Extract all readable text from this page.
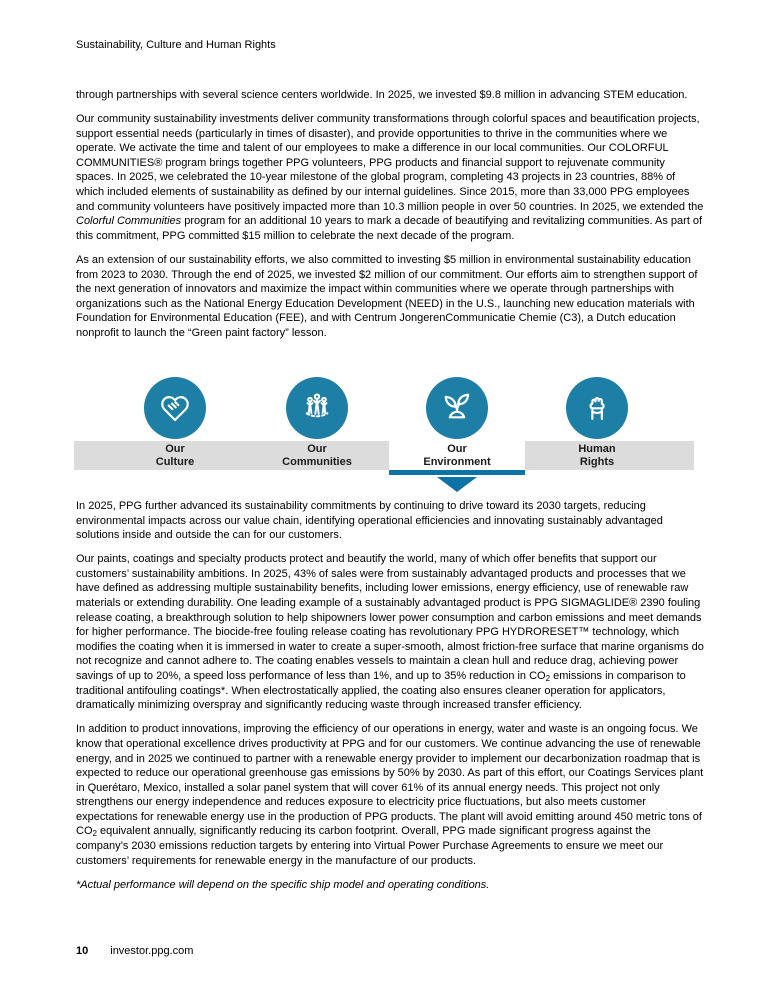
Sustainability, Culture and Human Rights

through partnerships with several science centers worldwide. In 2025, we invested $9.8 million in advancing STEM education.

Our community sustainability investments deliver community transformations through colorful spaces and beautification projects, support essential needs (particularly in times of disaster), and provide opportunities to thrive in the communities where we operate. We activate the time and talent of our employees to make a difference in our local communities. Our COLORFUL COMMUNITIES® program brings together PPG volunteers, PPG products and financial support to rejuvenate community spaces. In 2025, we celebrated the 10-year milestone of the global program, completing 43 projects in 23 countries, 88% of which included elements of sustainability as defined by our internal guidelines. Since 2015, more than 33,000 PPG employees and community volunteers have positively impacted more than 10.3 million people in over 50 countries. In 2025, we extended the Colorful Communities program for an additional 10 years to mark a decade of beautifying and revitalizing communities. As part of this commitment, PPG committed $15 million to celebrate the next decade of the program.

As an extension of our sustainability efforts, we also committed to investing $5 million in environmental sustainability education from 2023 to 2030. Through the end of 2025, we invested $2 million of our commitment. Our efforts aim to strengthen support of the next generation of innovators and maximize the impact within communities where we operate through partnerships with organizations such as the National Energy Education Development (NEED) in the U.S., launching new education materials with Foundation for Environmental Education (FEE), and with Centrum JongerenCommunicatie Chemie (C3), a Dutch education nonprofit to launch the “Green paint factory” lesson.

Our
Culture
Our
Communities
Our
Environment
Human
Rights

In 2025, PPG further advanced its sustainability commitments by continuing to drive toward its 2030 targets, reducing environmental impacts across our value chain, identifying operational efficiencies and innovating sustainably advantaged solutions inside and outside the can for our customers.

Our paints, coatings and specialty products protect and beautify the world, many of which offer benefits that support our customers’ sustainability ambitions. In 2025, 43% of sales were from sustainably advantaged products and processes that we have defined as addressing multiple sustainability benefits, including lower emissions, energy efficiency, use of renewable raw materials or extending durability. One leading example of a sustainably advantaged product is PPG SIGMAGLIDE® 2390 fouling release coating, a breakthrough solution to help shipowners lower power consumption and carbon emissions and meet demands for higher performance. The biocide-free fouling release coating has revolutionary PPG HYDRORESET™ technology, which modifies the coating when it is immersed in water to create a super-smooth, almost friction-free surface that marine organisms do not recognize and cannot adhere to. The coating enables vessels to maintain a clean hull and reduce drag, achieving power savings of up to 20%, a speed loss performance of less than 1%, and up to 35% reduction in $CO_2$ emissions in comparison to traditional antifouling coatings*. When electrostatically applied, the coating also ensures cleaner operation for applicators, dramatically minimizing overspray and significantly reducing waste through increased transfer efficiency.

In addition to product innovations, improving the efficiency of our operations in energy, water and waste is an ongoing focus. We know that operational excellence drives productivity at PPG and for our customers. We continue advancing the use of renewable energy, and in 2025 we continued to partner with a renewable energy provider to implement our decarbonization roadmap that is expected to reduce our operational greenhouse gas emissions by 50% by 2030. As part of this effort, our Coatings Services plant in Querétaro, Mexico, installed a solar panel system that will cover 61% of its annual energy needs. This project not only strengthens our energy independence and reduces exposure to electricity price fluctuations, but also meets customer expectations for renewable energy use in the production of PPG products. The plant will avoid emitting around 450 metric tons of $CO_2$ equivalent annually, significantly reducing its carbon footprint. Overall, PPG made significant progress against the company’s 2030 emissions reduction targets by entering into Virtual Power Purchase Agreements to ensure we meet our customers’ requirements for renewable energy in the manufacture of our products.

*Actual performance will depend on the specific ship model and operating conditions.

10 investor.ppg.com
